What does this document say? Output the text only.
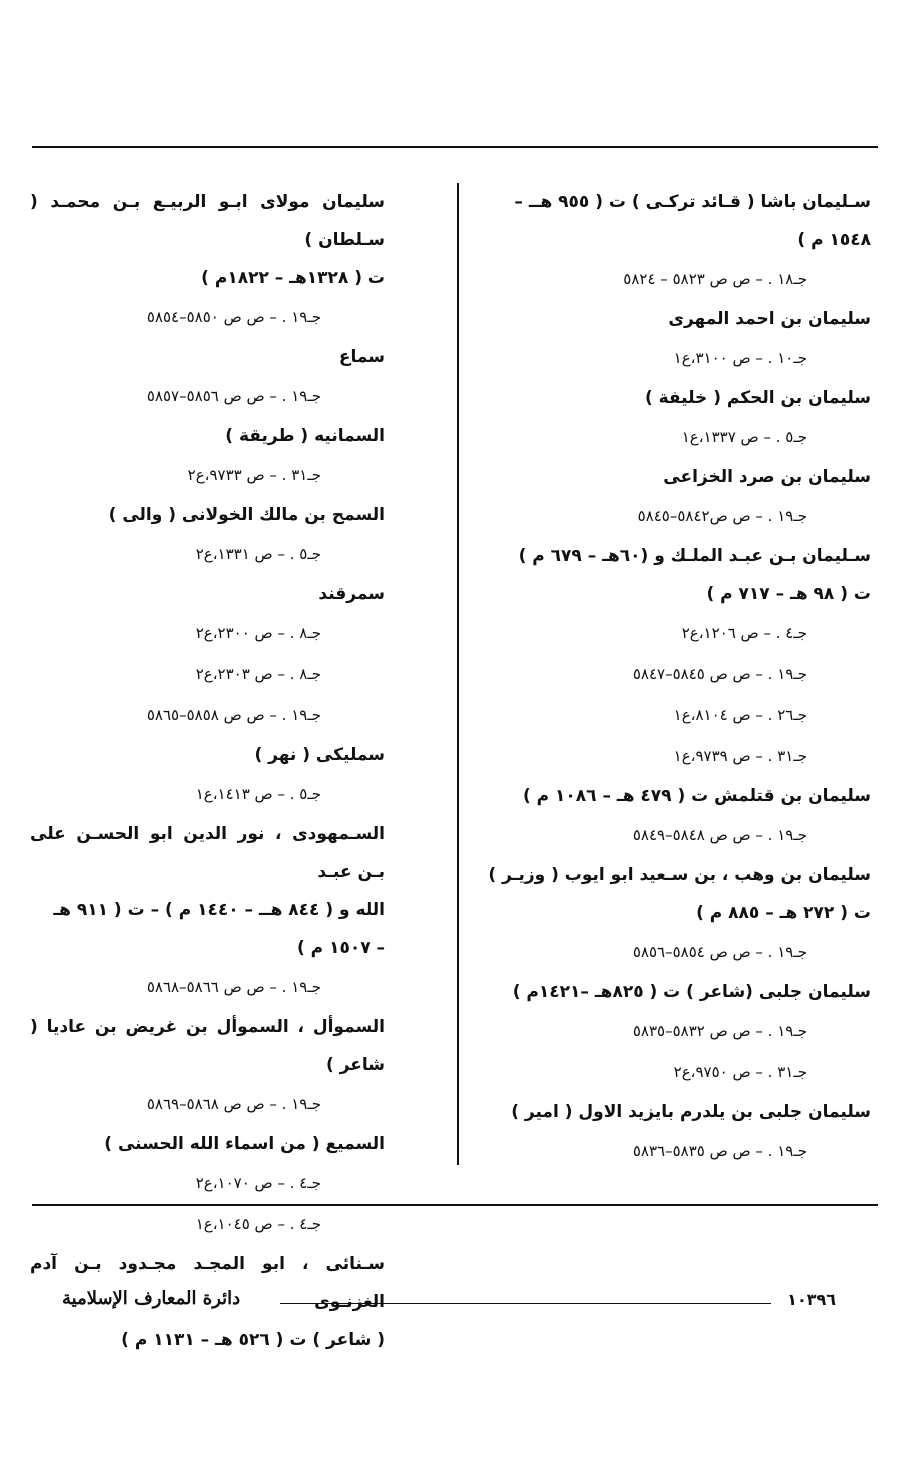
سـليمان باشا ( قـائد تركـى ) ت ( ٩٥٥ هــ –
١٥٤٨ م )
جـ١٨ . – ص ص ٥٨٢٣ – ٥٨٢٤
سليمان بن احمد المهرى
جـ١٠ . – ص ٣١٠٠،ع١
سليمان بن الحكم ( خليفة )
جـ٥ . – ص ١٣٣٧،ع١
سليمان بن صرد الخزاعى
جـ١٩ . – ص ص٥٨٤٢–٥٨٤٥
سـليمان بـن عبـد الملـك و (٦٠هـ – ٦٧٩ م )
ت ( ٩٨ هـ – ٧١٧ م )
جـ٤ . – ص ١٢٠٦،ع٢
جـ١٩ . – ص ص ٥٨٤٥–٥٨٤٧
جـ٢٦ . – ص ٨١٠٤،ع١
جـ٣١ . – ص ٩٧٣٩،ع١
سليمان بن قتلمش ت ( ٤٧٩ هـ – ١٠٨٦ م )
جـ١٩ . – ص ص ٥٨٤٨–٥٨٤٩
سليمان بن وهب ، بن سـعيد ابو ايوب ( وزيـر )
ت ( ٢٧٢ هـ – ٨٨٥ م )
جـ١٩ . – ص ص ٥٨٥٤–٥٨٥٦
سليمان جلبى (شاعر ) ت ( ٨٢٥هـ –١٤٢١م )
جـ١٩ . – ص ص ٥٨٣٢–٥٨٣٥
جـ٣١ . – ص ٩٧٥٠،ع٢
سليمان جلبى بن يلدرم بايزيد الاول ( امير )
جـ١٩ . – ص ص ٥٨٣٥–٥٨٣٦
سليمان مولاى ابـو الربيـع بـن محمـد ( سـلطان )
ت ( ١٣٢٨هـ – ١٨٢٢م )
جـ١٩ . – ص ص ٥٨٥٠–٥٨٥٤
سماع
جـ١٩ . – ص ص ٥٨٥٦–٥٨٥٧
السمانيه ( طريقة )
جـ٣١ . – ص ٩٧٣٣،ع٢
السمح بن مالك الخولانى ( والى )
جـ٥ . – ص ١٣٣١،ع٢
سمرقند
جـ٨ . – ص ٢٣٠٠،ع٢
جـ٨ . – ص ٢٣٠٣،ع٢
جـ١٩ . – ص ص ٥٨٥٨–٥٨٦٥
سمليكى ( نهر )
جـ٥ . – ص ١٤١٣،ع١
السـمهودى ، نور الدين ابو الحسـن على بـن عبـد
الله و ( ٨٤٤ هــ – ١٤٤٠ م ) – ت ( ٩١١ هـ
– ١٥٠٧ م )
جـ١٩ . – ص ص ٥٨٦٦–٥٨٦٨
السموأل ، السموأل بن غريض بن عاديا ( شاعر )
جـ١٩ . – ص ص ٥٨٦٨–٥٨٦٩
السميع ( من اسماء الله الحسنى )
جـ٤ . – ص ١٠٧٠،ع٢
جـ٤ . – ص ١٠٤٥،ع١
سـنائى ، ابو المجـد مجـدود بـن آدم الغزنـوى
( شاعر ) ت ( ٥٢٦ هـ – ١١٣١ م )
١٠٣٩٦
دائرة المعارف الإسلامية
